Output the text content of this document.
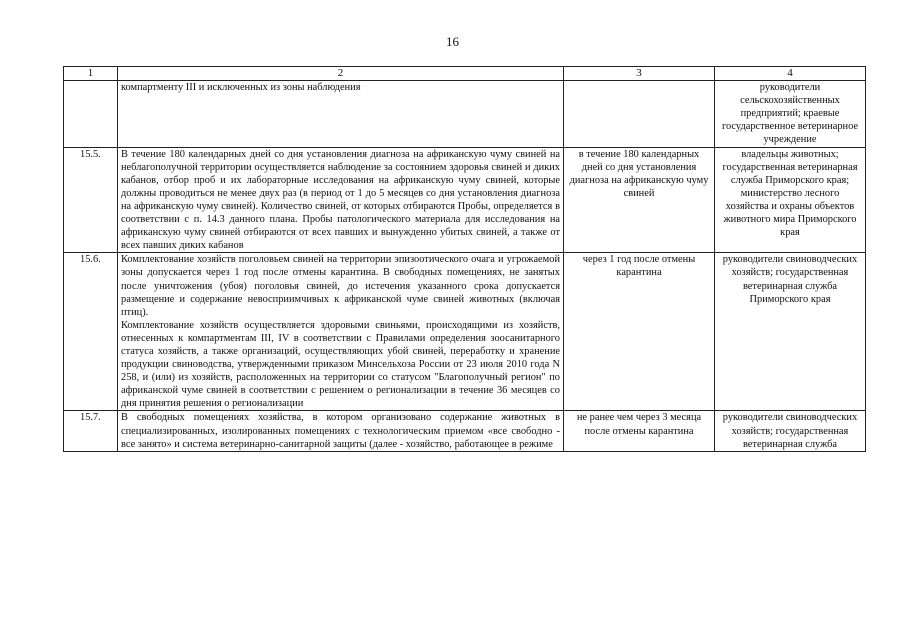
16
1	2	3	4

	компартменту III и исключенных из зоны наблюдения		руководители сельскохозяйственных предприятий; краевые государственное ветеринарное учреждение
15.5.	В течение 180 календарных дней со дня установления диагноза на африканскую чуму свиней на неблагополучной территории осуществляется наблюдение за состоянием здоровья свиней и диких кабанов, отбор проб и их лабораторные исследования на африканскую чуму свиней, которые должны проводиться не менее двух раз (в период от 1 до 5 месяцев со дня установления диагноза на африканскую чуму свиней). Количество свиней, от которых отбираются Пробы, определяется в соответствии с п. 14.3 данного плана. Пробы патологического материала для исследования на африканскую чуму свиней отбираются от всех павших и вынужденно убитых свиней, а также от всех павших диких кабанов	в течение 180 календарных дней со дня установления диагноза на африканскую чуму свиней	владельцы животных; государственная ветеринарная служба Приморского края; министерство лесного хозяйства и охраны объектов животного мира Приморского края
15.6.	Комплектование хозяйств поголовьем свиней на территории эпизоотического очага и угрожаемой зоны допускается через 1 год после отмены карантина. В свободных помещениях, не занятых после уничтожения (убоя) поголовья свиней, до истечения указанного срока допускается размещение и содержание невосприимчивых к африканской чуме свиней животных (включая птиц).

Комплектование хозяйств осуществляется здоровыми свиньями, происходящими из хозяйств, отнесенных к компартментам III, IV в соответствии с Правилами определения зоосанитарного статуса хозяйств, а также организаций, осуществляющих убой свиней, переработку и хранение продукции свиноводства, утвержденными приказом Минсельхоза России от 23 июля 2010 года N 258, и (или) из хозяйств, расположенных на территории со статусом "Благополучный регион" по африканской чуме свиней в соответствии с решением о регионализации в течение 36 месяцев со дня принятия решения о регионализации	через 1 год после отмены карантина	руководители свиноводческих хозяйств; государственная ветеринарная служба Приморского края
15.7.	В свободных помещениях хозяйства, в котором организовано содержание животных в специализированных, изолированных помещениях с технологическим приемом «все свободно - все занято» и система ветеринарно-санитарной защиты (далее - хозяйство, работающее в режиме	не ранее чем через 3 месяца после отмены карантина	руководители свиноводческих хозяйств; государственная ветеринарная служба
